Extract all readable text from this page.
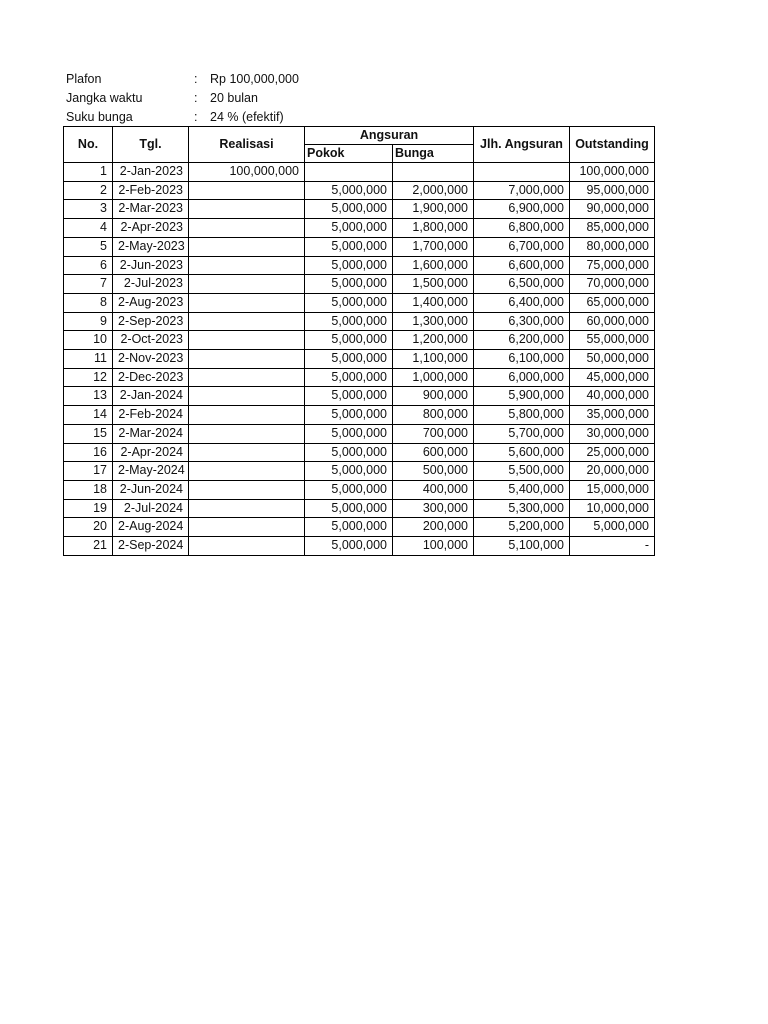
Plafon	: Rp 100,000,000
Jangka waktu	: 20 bulan
Suku bunga	: 24 % (efektif)
No.	Tgl.	Realisasi	Angsuran		Jlh. Angsuran	Outstanding
			Pokok	Bunga		
1	2-Jan-2023	100,000,000				100,000,000
2	2-Feb-2023		5,000,000	2,000,000	7,000,000	95,000,000
3	2-Mar-2023		5,000,000	1,900,000	6,900,000	90,000,000
4	2-Apr-2023		5,000,000	1,800,000	6,800,000	85,000,000
5	2-May-2023		5,000,000	1,700,000	6,700,000	80,000,000
6	2-Jun-2023		5,000,000	1,600,000	6,600,000	75,000,000
7	2-Jul-2023		5,000,000	1,500,000	6,500,000	70,000,000
8	2-Aug-2023		5,000,000	1,400,000	6,400,000	65,000,000
9	2-Sep-2023		5,000,000	1,300,000	6,300,000	60,000,000
10	2-Oct-2023		5,000,000	1,200,000	6,200,000	55,000,000
11	2-Nov-2023		5,000,000	1,100,000	6,100,000	50,000,000
12	2-Dec-2023		5,000,000	1,000,000	6,000,000	45,000,000
13	2-Jan-2024		5,000,000	900,000	5,900,000	40,000,000
14	2-Feb-2024		5,000,000	800,000	5,800,000	35,000,000
15	2-Mar-2024		5,000,000	700,000	5,700,000	30,000,000
16	2-Apr-2024		5,000,000	600,000	5,600,000	25,000,000
17	2-May-2024		5,000,000	500,000	5,500,000	20,000,000
18	2-Jun-2024		5,000,000	400,000	5,400,000	15,000,000
19	2-Jul-2024		5,000,000	300,000	5,300,000	10,000,000
20	2-Aug-2024		5,000,000	200,000	5,200,000	5,000,000
21	2-Sep-2024		5,000,000	100,000	5,100,000	-
